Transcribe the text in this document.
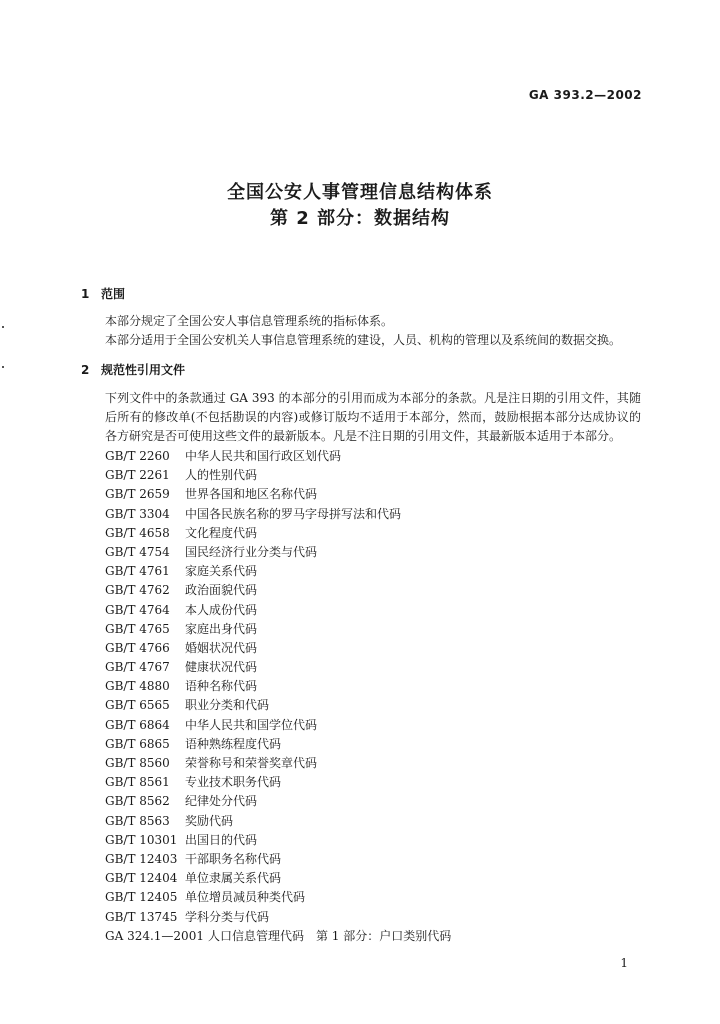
GA 393.2—2002
全国公安人事管理信息结构体系
第 2 部分：数据结构
1 范围
本部分规定了全国公安人事信息管理系统的指标体系。
本部分适用于全国公安机关人事信息管理系统的建设，人员、机构的管理以及系统间的数据交换。
2 规范性引用文件
下列文件中的条款通过 GA 393 的本部分的引用而成为本部分的条款。凡是注日期的引用文件，其随后所有的修改单(不包括勘误的内容)或修订版均不适用于本部分，然而，鼓励根据本部分达成协议的各方研究是否可使用这些文件的最新版本。凡是不注日期的引用文件，其最新版本适用于本部分。
GB/T 2260 中华人民共和国行政区划代码
GB/T 2261 人的性别代码
GB/T 2659 世界各国和地区名称代码
GB/T 3304 中国各民族名称的罗马字母拼写法和代码
GB/T 4658 文化程度代码
GB/T 4754 国民经济行业分类与代码
GB/T 4761 家庭关系代码
GB/T 4762 政治面貌代码
GB/T 4764 本人成份代码
GB/T 4765 家庭出身代码
GB/T 4766 婚姻状况代码
GB/T 4767 健康状况代码
GB/T 4880 语种名称代码
GB/T 6565 职业分类和代码
GB/T 6864 中华人民共和国学位代码
GB/T 6865 语种熟练程度代码
GB/T 8560 荣誉称号和荣誉奖章代码
GB/T 8561 专业技术职务代码
GB/T 8562 纪律处分代码
GB/T 8563 奖励代码
GB/T 10301 出国日的代码
GB/T 12403 干部职务名称代码
GB/T 12404 单位隶属关系代码
GB/T 12405 单位增员减员种类代码
GB/T 13745 学科分类与代码
GA 324.1—2001 人口信息管理代码　第 1 部分：户口类别代码
1
